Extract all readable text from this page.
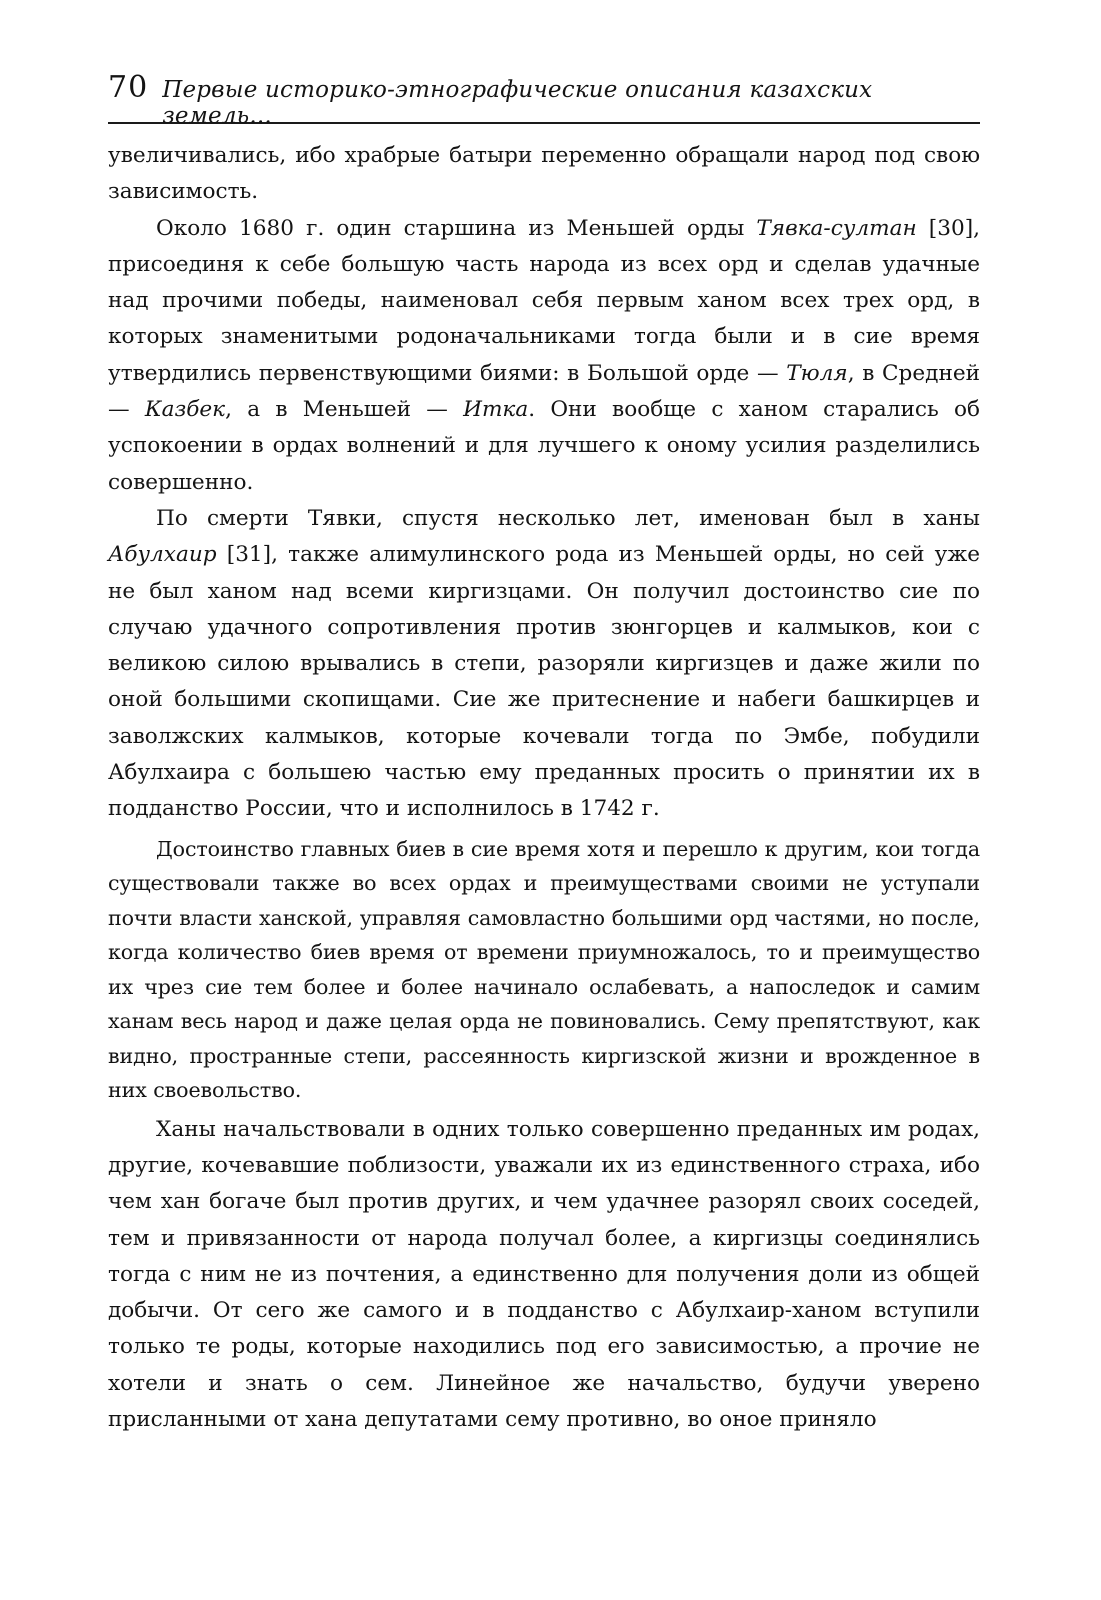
70 Первые историко-этнографические описания казахских земель...

увеличивались, ибо храбрые батыри переменно обращали народ под свою зависимость.

Около 1680 г. один старшина из Меньшей орды Тявка-султан [30], присоединя к себе большую часть народа из всех орд и сделав удачные над прочими победы, наименовал себя первым ханом всех трех орд, в которых знаменитыми родоначальниками тогда были и в сие время утвердились первенствующими биями: в Большой орде — Тюля, в Средней — Казбек, а в Меньшей — Итка. Они вообще с ханом старались об успокоении в ордах волнений и для лучшего к оному усилия разделились совершенно.

По смерти Тявки, спустя несколько лет, именован был в ханы Абулхаир [31], также алимулинского рода из Меньшей орды, но сей уже не был ханом над всеми киргизцами. Он получил достоинство сие по случаю удачного сопротивления против зюнгорцев и калмыков, кои с великою силою врывались в степи, разоряли киргизцев и даже жили по оной большими скопищами. Сие же притеснение и набеги башкирцев и заволжских калмыков, которые кочевали тогда по Эмбе, побудили Абулхаира с большею частью ему преданных просить о принятии их в подданство России, что и исполнилось в 1742 г.

Достоинство главных биев в сие время хотя и перешло к другим, кои тогда существовали также во всех ордах и преимуществами своими не уступали почти власти ханской, управляя самовластно большими орд частями, но после, когда количество биев время от времени приумножалось, то и преимущество их чрез сие тем более и более начинало ослабевать, а напоследок и самим ханам весь народ и даже целая орда не повиновались. Сему препятствуют, как видно, пространные степи, рассеянность киргизской жизни и врожденное в них своевольство.

Ханы начальствовали в одних только совершенно преданных им родах, другие, кочевавшие поблизости, уважали их из единственного страха, ибо чем хан богаче был против других, и чем удачнее разорял своих соседей, тем и привязанности от народа получал более, а киргизцы соединялись тогда с ним не из почтения, а единственно для получения доли из общей добычи. От сего же самого и в подданство с Абулхаир-ханом вступили только те роды, которые находились под его зависимостью, а прочие не хотели и знать о сем. Линейное же начальство, будучи уверено присланными от хана депутатами сему противно, во оное приняло
